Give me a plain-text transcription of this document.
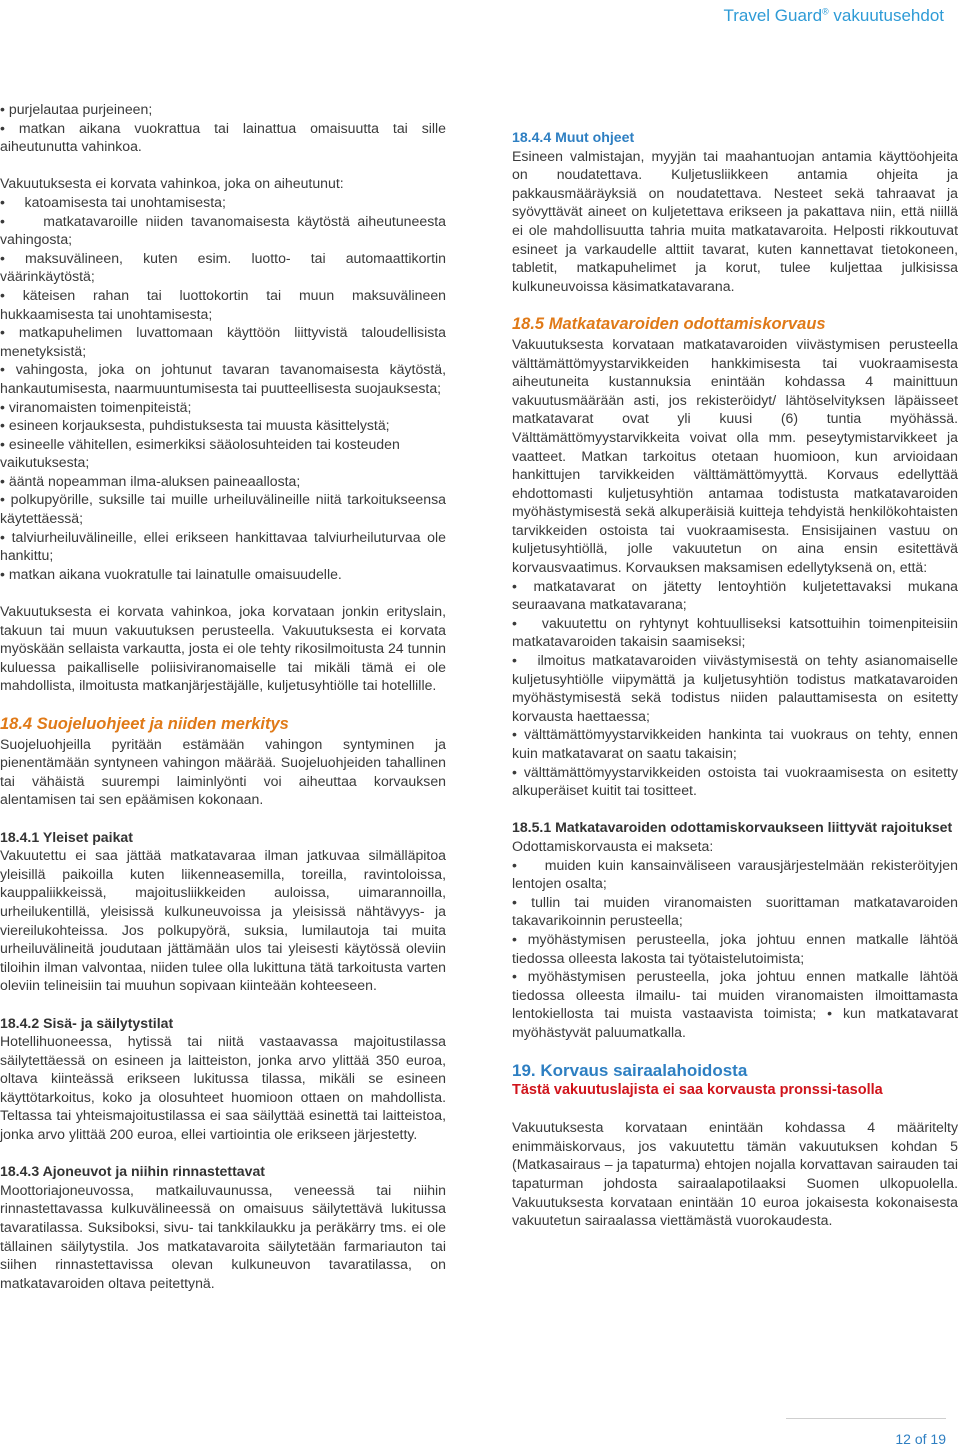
Travel Guard® vakuutusehdot

• purjelautaa purjeineen;

• matkan aikana vuokrattua tai lainattua omaisuutta tai sille aiheutunutta vahinkoa.

Vakuutuksesta ei korvata vahinkoa, joka on aiheutunut:

• katoamisesta tai unohtamisesta;

•	matkatavaroille niiden tavanomaisesta käytöstä aiheutuneesta vahingosta;

• maksuvälineen, kuten esim. luotto- tai automaattikortin väärinkäytöstä;

• käteisen rahan tai luottokortin tai muun maksuvälineen hukkaamisesta tai unohtamisesta;

• matkapuhelimen luvattomaan käyttöön liittyvistä taloudellisista menetyksistä;

• vahingosta, joka on johtunut tavaran tavanomaisesta käytöstä, hankautumisesta, naarmuuntumisesta tai puutteellisesta suojauksesta;

• viranomaisten toimenpiteistä;

• esineen korjauksesta, puhdistuksesta tai muusta käsittelystä;

• esineelle vähitellen, esimerkiksi sääolosuhteiden tai kosteuden

vaikutuksesta;

• ääntä nopeamman ilma-aluksen paineaallosta;

• polkupyörille, suksille tai muille urheiluvälineille niitä tarkoitukseensa käytettäessä;

• talviurheiluvälineille, ellei erikseen hankittavaa talviurheiluturvaa ole hankittu;

• matkan aikana vuokratulle tai lainatulle omaisuudelle.

Vakuutuksesta ei korvata vahinkoa, joka korvataan jonkin erityslain, takuun tai muun vakuutuksen perusteella. Vakuutuksesta ei korvata myöskään sellaista varkautta, josta ei ole tehty rikosilmoitusta 24 tunnin kuluessa paikalliselle poliisiviranomaiselle tai mikäli tämä ei ole mahdollista, ilmoitusta matkanjärjestäjälle, kuljetusyhtiölle tai hotellille.

18.4 Suojeluohjeet ja niiden merkitys

Suojeluohjeilla pyritään estämään vahingon syntyminen ja pienentämään syntyneen vahingon määrää. Suojeluohjeiden tahallinen tai vähäistä suurempi laiminlyönti voi aiheuttaa korvauksen alentamisen tai sen epäämisen kokonaan.

18.4.1 Yleiset paikat

Vakuutettu ei saa jättää matkatavaraa ilman jatkuvaa silmälläpitoa yleisillä paikoilla kuten liikenneasemilla, toreilla, ravintoloissa, kauppaliikkeissä, majoitusliikkeiden auloissa, uimarannoilla, urheilukentillä, yleisissä kulkuneuvoissa ja yleisissä nähtävyys- ja viereilukohteissa. Jos polkupyörä, suksia, lumilautoja tai muita urheiluvälineitä joudutaan jättämään ulos tai yleisesti käytössä oleviin tiloihin ilman valvontaa, niiden tulee olla lukittuna tätä tarkoitusta varten oleviin telineisiin tai muuhun sopivaan kiinteään kohteeseen.

18.4.2 Sisä- ja säilytystilat

Hotellihuoneessa, hytissä tai niitä vastaavassa majoitustilassa säilytettäessä on esineen ja laitteiston, jonka arvo ylittää 350 euroa, oltava kiinteässä erikseen lukitussa tilassa, mikäli se esineen käyttötarkoitus, koko ja olosuhteet huomioon ottaen on mahdollista. Teltassa tai yhteismajoitustilassa ei saa säilyttää esinettä tai laitteistoa, jonka arvo ylittää 200 euroa, ellei vartiointia ole erikseen järjestetty.

18.4.3 Ajoneuvot ja niihin rinnastettavat

Moottoriajoneuvossa, matkailuvaunussa, veneessä tai niihin rinnastettavassa kulkuvälineessä on omaisuus säilytettävä lukitussa tavaratilassa. Suksiboksi, sivu- tai tankkilaukku ja peräkärry tms. ei ole tällainen säilytystila. Jos matkatavaroita säilytetään farmariauton tai siihen rinnastettavissa olevan kulkuneuvon tavaratilassa, on matkatavaroiden oltava peitettynä.

18.4.4 Muut ohjeet

Esineen valmistajan, myyjän tai maahantuojan antamia käyttöohjeita on noudatettava. Kuljetusliikkeen antamia ohjeita ja pakkausmääräyksiä on noudatettava. Nesteet sekä tahraavat ja syövyttävät aineet on kuljetettava erikseen ja pakattava niin, että niillä ei ole mahdollisuutta tahria muita matkatavaroita. Helposti rikkoutuvat esineet ja varkaudelle alttiit tavarat, kuten kannettavat tietokoneen, tabletit, matkapuhelimet ja korut, tulee kuljettaa julkisissa kulkuneuvoissa käsimatkatavarana.

18.5 Matkatavaroiden odottamiskorvaus

Vakuutuksesta korvataan matkatavaroiden viivästymisen perusteella välttämättömyystarvikkeiden hankkimisesta tai vuokraamisesta aiheutuneita kustannuksia enintään kohdassa 4 mainittuun vakuutusmäärään asti, jos rekisteröidyt/ lähtöselvityksen läpäisseet matkatavarat ovat yli kuusi (6) tuntia myöhässä. Välttämättömyystarvikkeita voivat olla mm. peseytymistarvikkeet ja vaatteet. Matkan tarkoitus otetaan huomioon, kun arvioidaan hankittujen tarvikkeiden välttämättömyyttä. Korvaus edellyttää ehdottomasti kuljetusyhtiön antamaa todistusta matkatavaroiden myöhästymisestä sekä alkuperäisiä kuitteja tehdyistä henkilökohtaisten tarvikkeiden ostoista tai vuokraamisesta. Ensisijainen vastuu on kuljetusyhtiöllä, jolle vakuutetun on aina ensin esitettävä korvausvaatimus. Korvauksen maksamisen edellytyksenä on, että:

• matkatavarat on jätetty lentoyhtiön kuljetettavaksi mukana seuraavana matkatavarana;

• vakuutettu on ryhtynyt kohtuulliseksi katsottuihin toimenpiteisiin matkatavaroiden takaisin saamiseksi;

• ilmoitus matkatavaroiden viivästymisestä on tehty asianomaiselle kuljetusyhtiölle viipymättä ja kuljetusyhtiön todistus matkatavaroiden myöhästymisestä sekä todistus niiden palauttamisesta on esitetty korvausta haettaessa;

• välttämättömyystarvikkeiden hankinta tai vuokraus on tehty, ennen kuin matkatavarat on saatu takaisin;

• välttämättömyystarvikkeiden ostoista tai vuokraamisesta on esitetty alkuperäiset kuitit tai tositteet.

18.5.1 Matkatavaroiden odottamiskorvaukseen liittyvät rajoitukset

Odottamiskorvausta ei makseta:

• muiden kuin kansainväliseen varausjärjestelmään rekisteröityjen lentojen osalta;

• tullin tai muiden viranomaisten suorittaman matkatavaroiden takavarikoinnin perusteella;

• myöhästymisen perusteella, joka johtuu ennen matkalle lähtöä tiedossa olleesta lakosta tai työtaistelutoimista;

• myöhästymisen perusteella, joka johtuu ennen matkalle lähtöä tiedossa olleesta ilmailu- tai muiden viranomaisten ilmoittamasta lentokiellosta tai muista vastaavista toimista; • kun matkatavarat myöhästyvät paluumatkalla.

19. Korvaus sairaalahoidosta
Tästä vakuutuslajista ei saa korvausta pronssi-tasolla

Vakuutuksesta korvataan enintään kohdassa 4 määritelty enimmäiskorvaus, jos vakuutettu tämän vakuutuksen kohdan 5 (Matkasairaus – ja tapaturma) ehtojen nojalla korvattavan sairauden tai tapaturman johdosta sairaalapotilaaksi Suomen ulkopuolella. Vakuutuksesta korvataan enintään 10 euroa jokaisesta kokonaisesta vakuutetun sairaalassa viettämästä vuorokaudesta.

12 of 19
